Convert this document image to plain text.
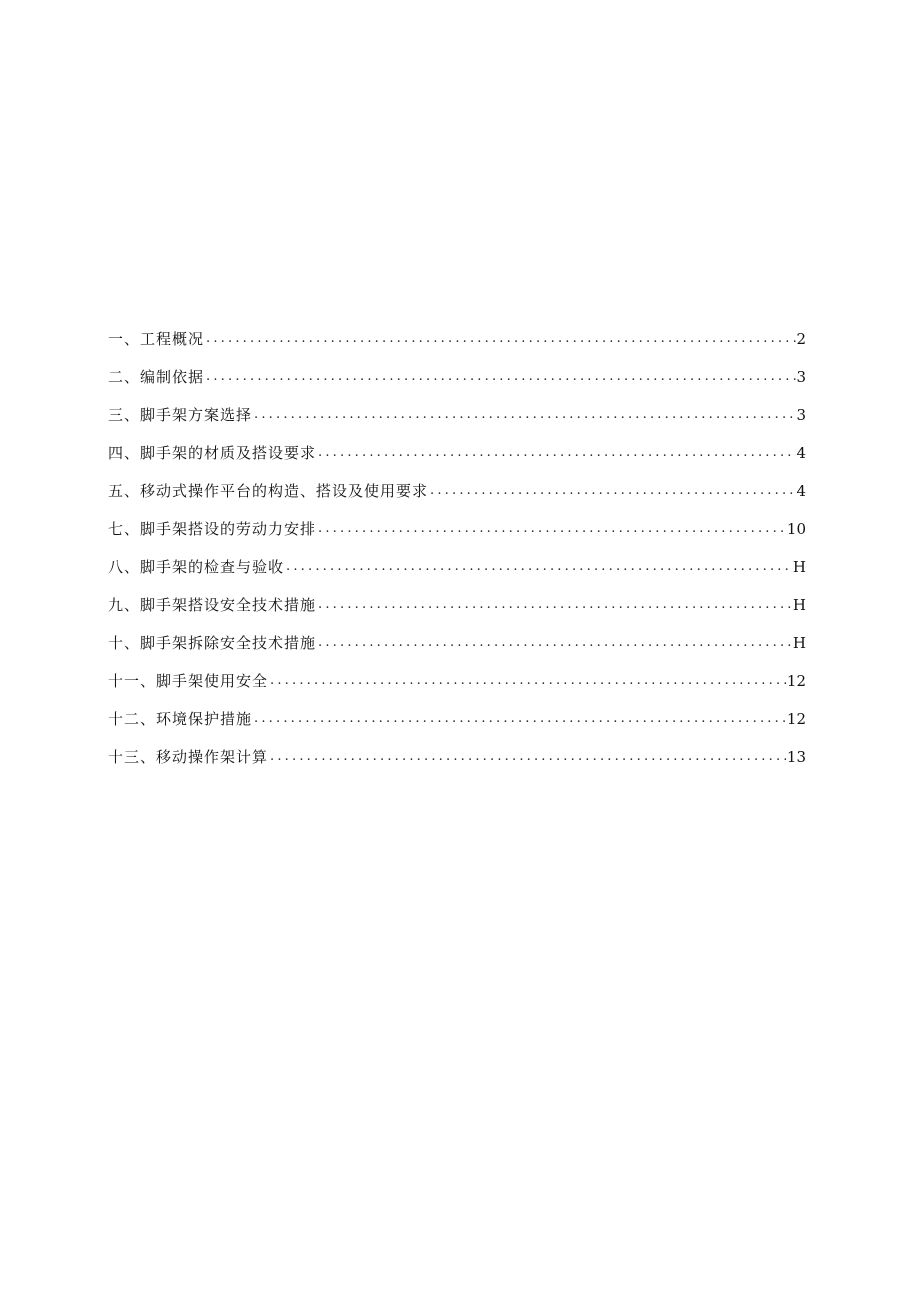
一、工程概况 .....	2
二、编制依据 .....	3
三、脚手架方案选择 .....	3
四、脚手架的材质及搭设要求 .....	4
五、移动式操作平台的构造、搭设及使用要求 .....	4
七、脚手架搭设的劳动力安排 .....	10
八、脚手架的检查与验收 .....	H
九、脚手架搭设安全技术措施 .....	H
十、脚手架拆除安全技术措施 .....	H
十一、脚手架使用安全 .....	12
十二、环境保护措施 .....	12
十三、移动操作架计算 .....	13
